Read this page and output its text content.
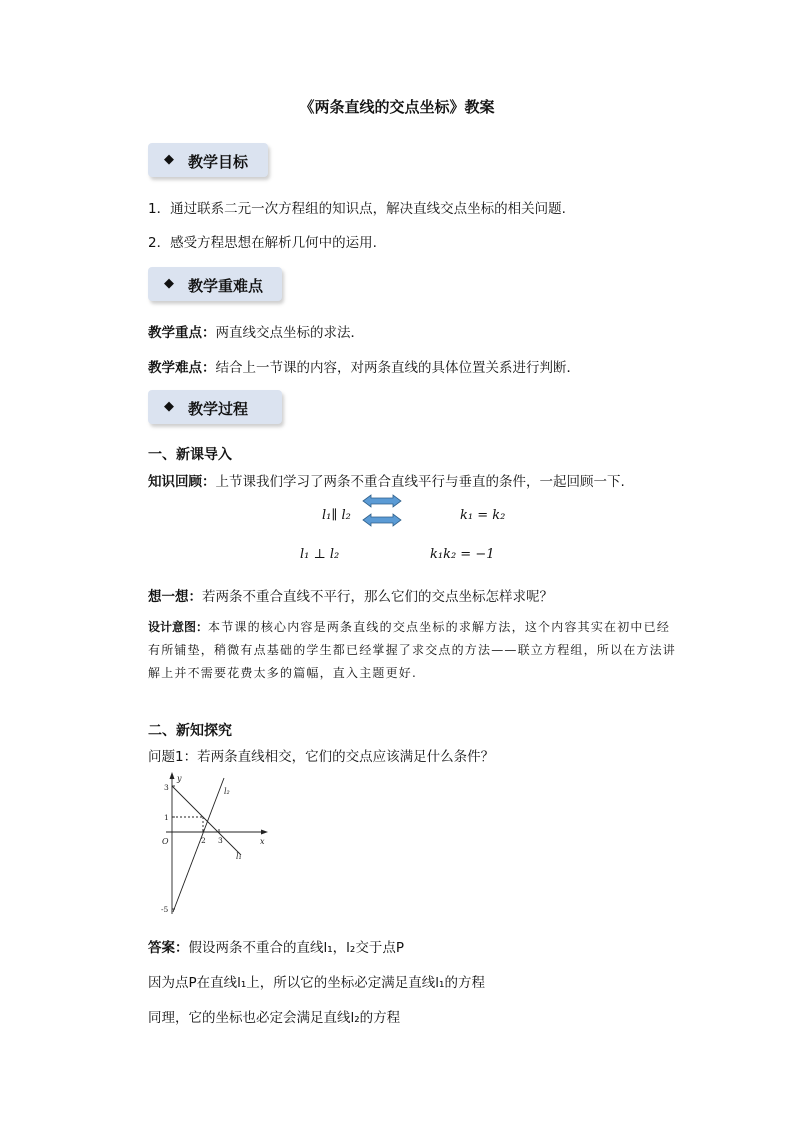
《两条直线的交点坐标》教案
◆ 教学目标
1．通过联系二元一次方程组的知识点，解决直线交点坐标的相关问题.
2．感受方程思想在解析几何中的运用.
◆ 教学重难点
教学重点：两直线交点坐标的求法．
教学难点：结合上一节课的内容，对两条直线的具体位置关系进行判断．
◆ 教学过程
一、新课导入
知识回顾：上节课我们学习了两条不重合直线平行与垂直的条件，一起回顾一下.
l₁∥ l₂	k₁ = k₂
l₁ ⊥ l₂	k₁k₂ = −1
想一想：若两条不重合直线不平行，那么它们的交点坐标怎样求呢？
设计意图：本节课的核心内容是两条直线的交点坐标的求解方法，这个内容其实在初中已经有所铺垫，稍微有点基础的学生都已经掌握了求交点的方法——联立方程组，所以在方法讲解上并不需要花费太多的篇幅，直入主题更好.
二、新知探究
问题1：若两条直线相交，它们的交点应该满足什么条件？
y
x
O
l₂
l₁
3
1
-5
2 3
答案：假设两条不重合的直线l₁，l₂交于点P
因为点P在直线l₁上，所以它的坐标必定满足直线l₁的方程
同理，它的坐标也必定会满足直线l₂的方程
